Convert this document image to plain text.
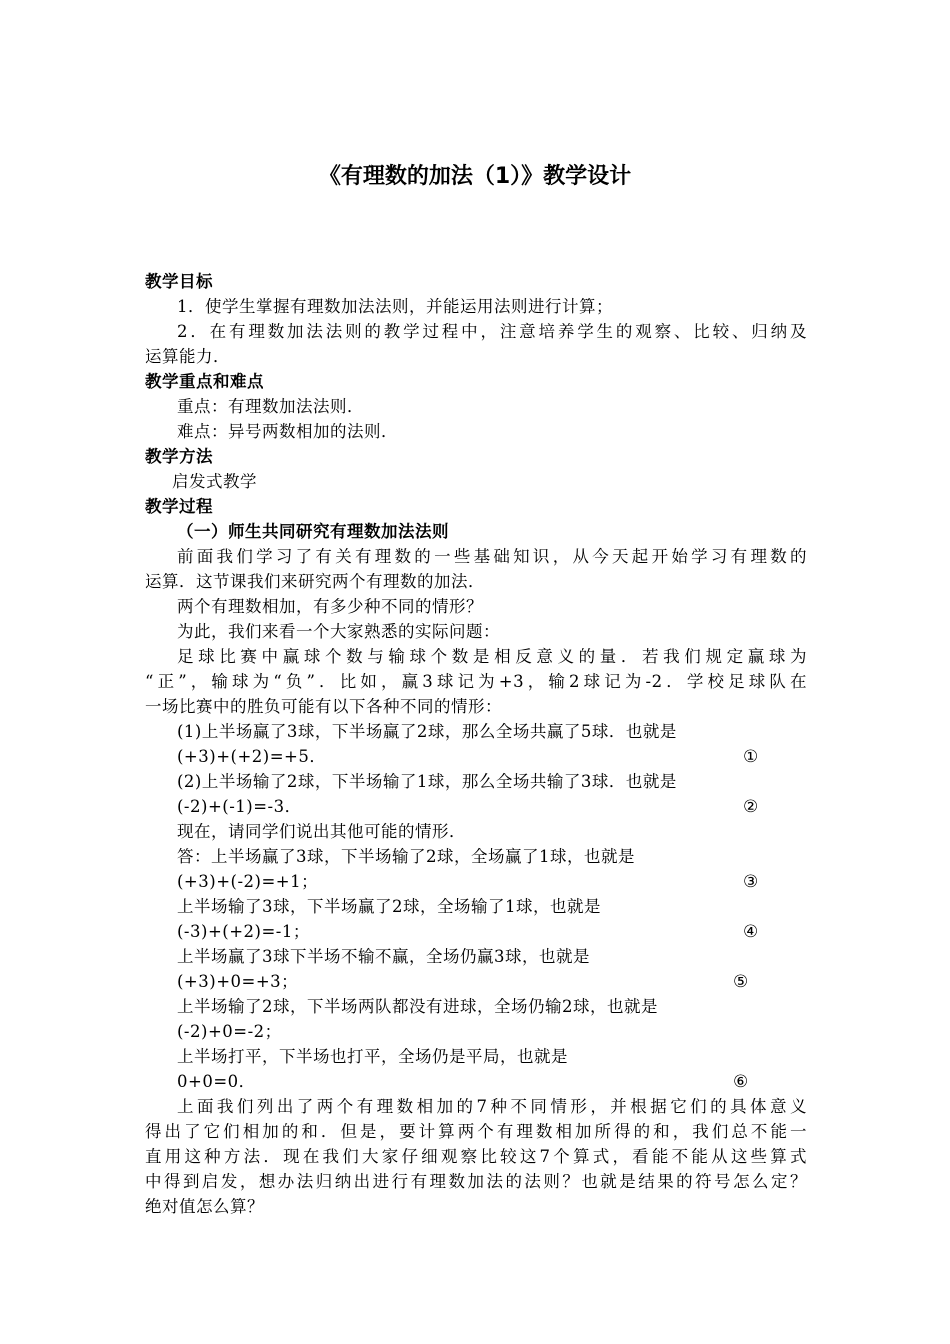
《有理数的加法（1）》教学设计
教学目标
1．使学生掌握有理数加法法则，并能运用法则进行计算；
2．在有理数加法法则的教学过程中，注意培养学生的观察、比较、归纳及
运算能力．
教学重点和难点
重点：有理数加法法则．
难点：异号两数相加的法则．
教学方法
启发式教学
教学过程
（一）师生共同研究有理数加法法则
前面我们学习了有关有理数的一些基础知识，从今天起开始学习有理数的
运算．这节课我们来研究两个有理数的加法．
两个有理数相加，有多少种不同的情形？
为此，我们来看一个大家熟悉的实际问题：
足球比赛中赢球个数与输球个数是相反意义的量．若我们规定赢球为
“正”，输球为“负”．比如，赢3球记为+3，输2球记为-2．学校足球队在
一场比赛中的胜负可能有以下各种不同的情形：
(1)上半场赢了3球，下半场赢了2球，那么全场共赢了5球．也就是
(+3)+(+2)=+5．	①
(2)上半场输了2球，下半场输了1球，那么全场共输了3球．也就是
(-2)+(-1)=-3．	②
现在，请同学们说出其他可能的情形．
答：上半场赢了3球，下半场输了2球，全场赢了1球，也就是
(+3)+(-2)=+1；	③
上半场输了3球，下半场赢了2球，全场输了1球，也就是
(-3)+(+2)=-1；	④
上半场赢了3球下半场不输不赢，全场仍赢3球，也就是
(+3)+0=+3；	⑤
上半场输了2球，下半场两队都没有进球，全场仍输2球，也就是
(-2)+0=-2；
上半场打平，下半场也打平，全场仍是平局，也就是
0+0=0．	⑥
上面我们列出了两个有理数相加的7种不同情形，并根据它们的具体意义
得出了它们相加的和．但是，要计算两个有理数相加所得的和，我们总不能一
直用这种方法．现在我们大家仔细观察比较这7个算式，看能不能从这些算式
中得到启发，想办法归纳出进行有理数加法的法则？也就是结果的符号怎么定？
绝对值怎么算？
